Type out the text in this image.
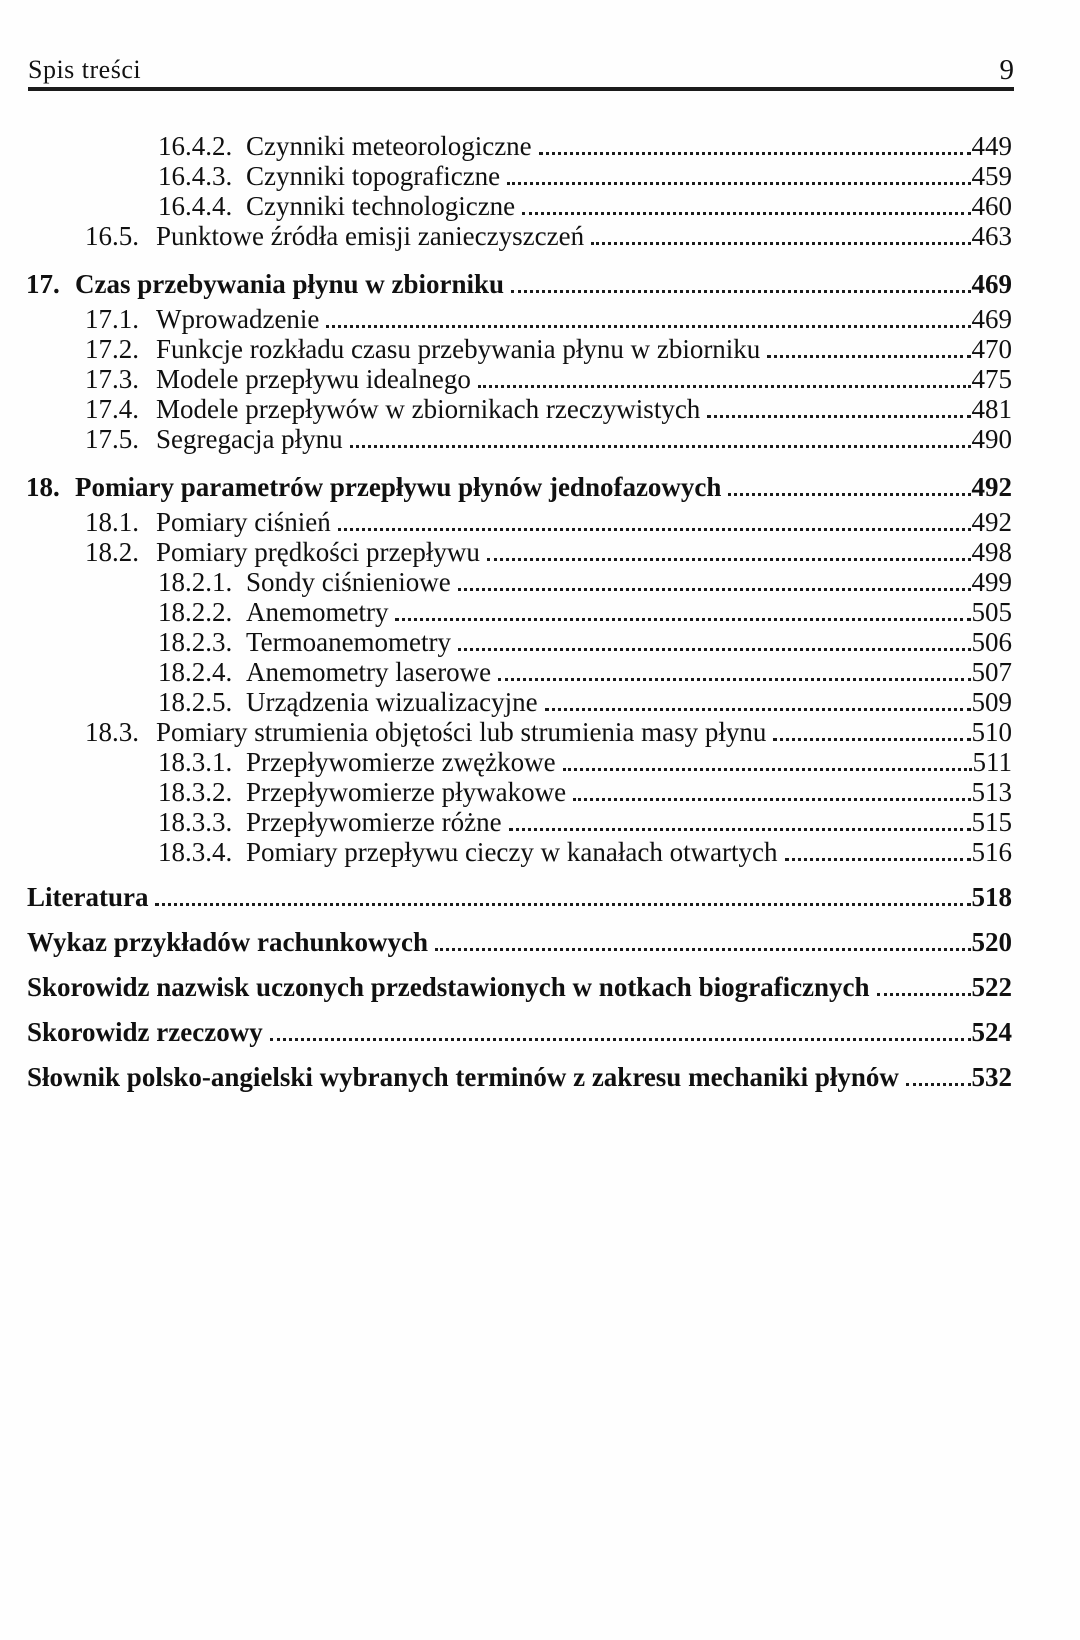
Spis treści	9
16.4.2. Czynniki meteorologiczne	449
16.4.3. Czynniki topograficzne	459
16.4.4. Czynniki technologiczne	460
16.5. Punktowe źródła emisji zanieczyszczeń	463
17. Czas przebywania płynu w zbiorniku	469
17.1. Wprowadzenie	469
17.2. Funkcje rozkładu czasu przebywania płynu w zbiorniku	470
17.3. Modele przepływu idealnego	475
17.4. Modele przepływów w zbiornikach rzeczywistych	481
17.5. Segregacja płynu	490
18. Pomiary parametrów przepływu płynów jednofazowych	492
18.1. Pomiary ciśnień	492
18.2. Pomiary prędkości przepływu	498
18.2.1. Sondy ciśnieniowe	499
18.2.2. Anemometry	505
18.2.3. Termoanemometry	506
18.2.4. Anemometry laserowe	507
18.2.5. Urządzenia wizualizacyjne	509
18.3. Pomiary strumienia objętości lub strumienia masy płynu	510
18.3.1. Przepływomierze zwężkowe	511
18.3.2. Przepływomierze pływakowe	513
18.3.3. Przepływomierze różne	515
18.3.4. Pomiary przepływu cieczy w kanałach otwartych	516
Literatura	518
Wykaz przykładów rachunkowych	520
Skorowidz nazwisk uczonych przedstawionych w notkach biograficznych	522
Skorowidz rzeczowy	524
Słownik polsko-angielski wybranych terminów z zakresu mechaniki płynów	532
